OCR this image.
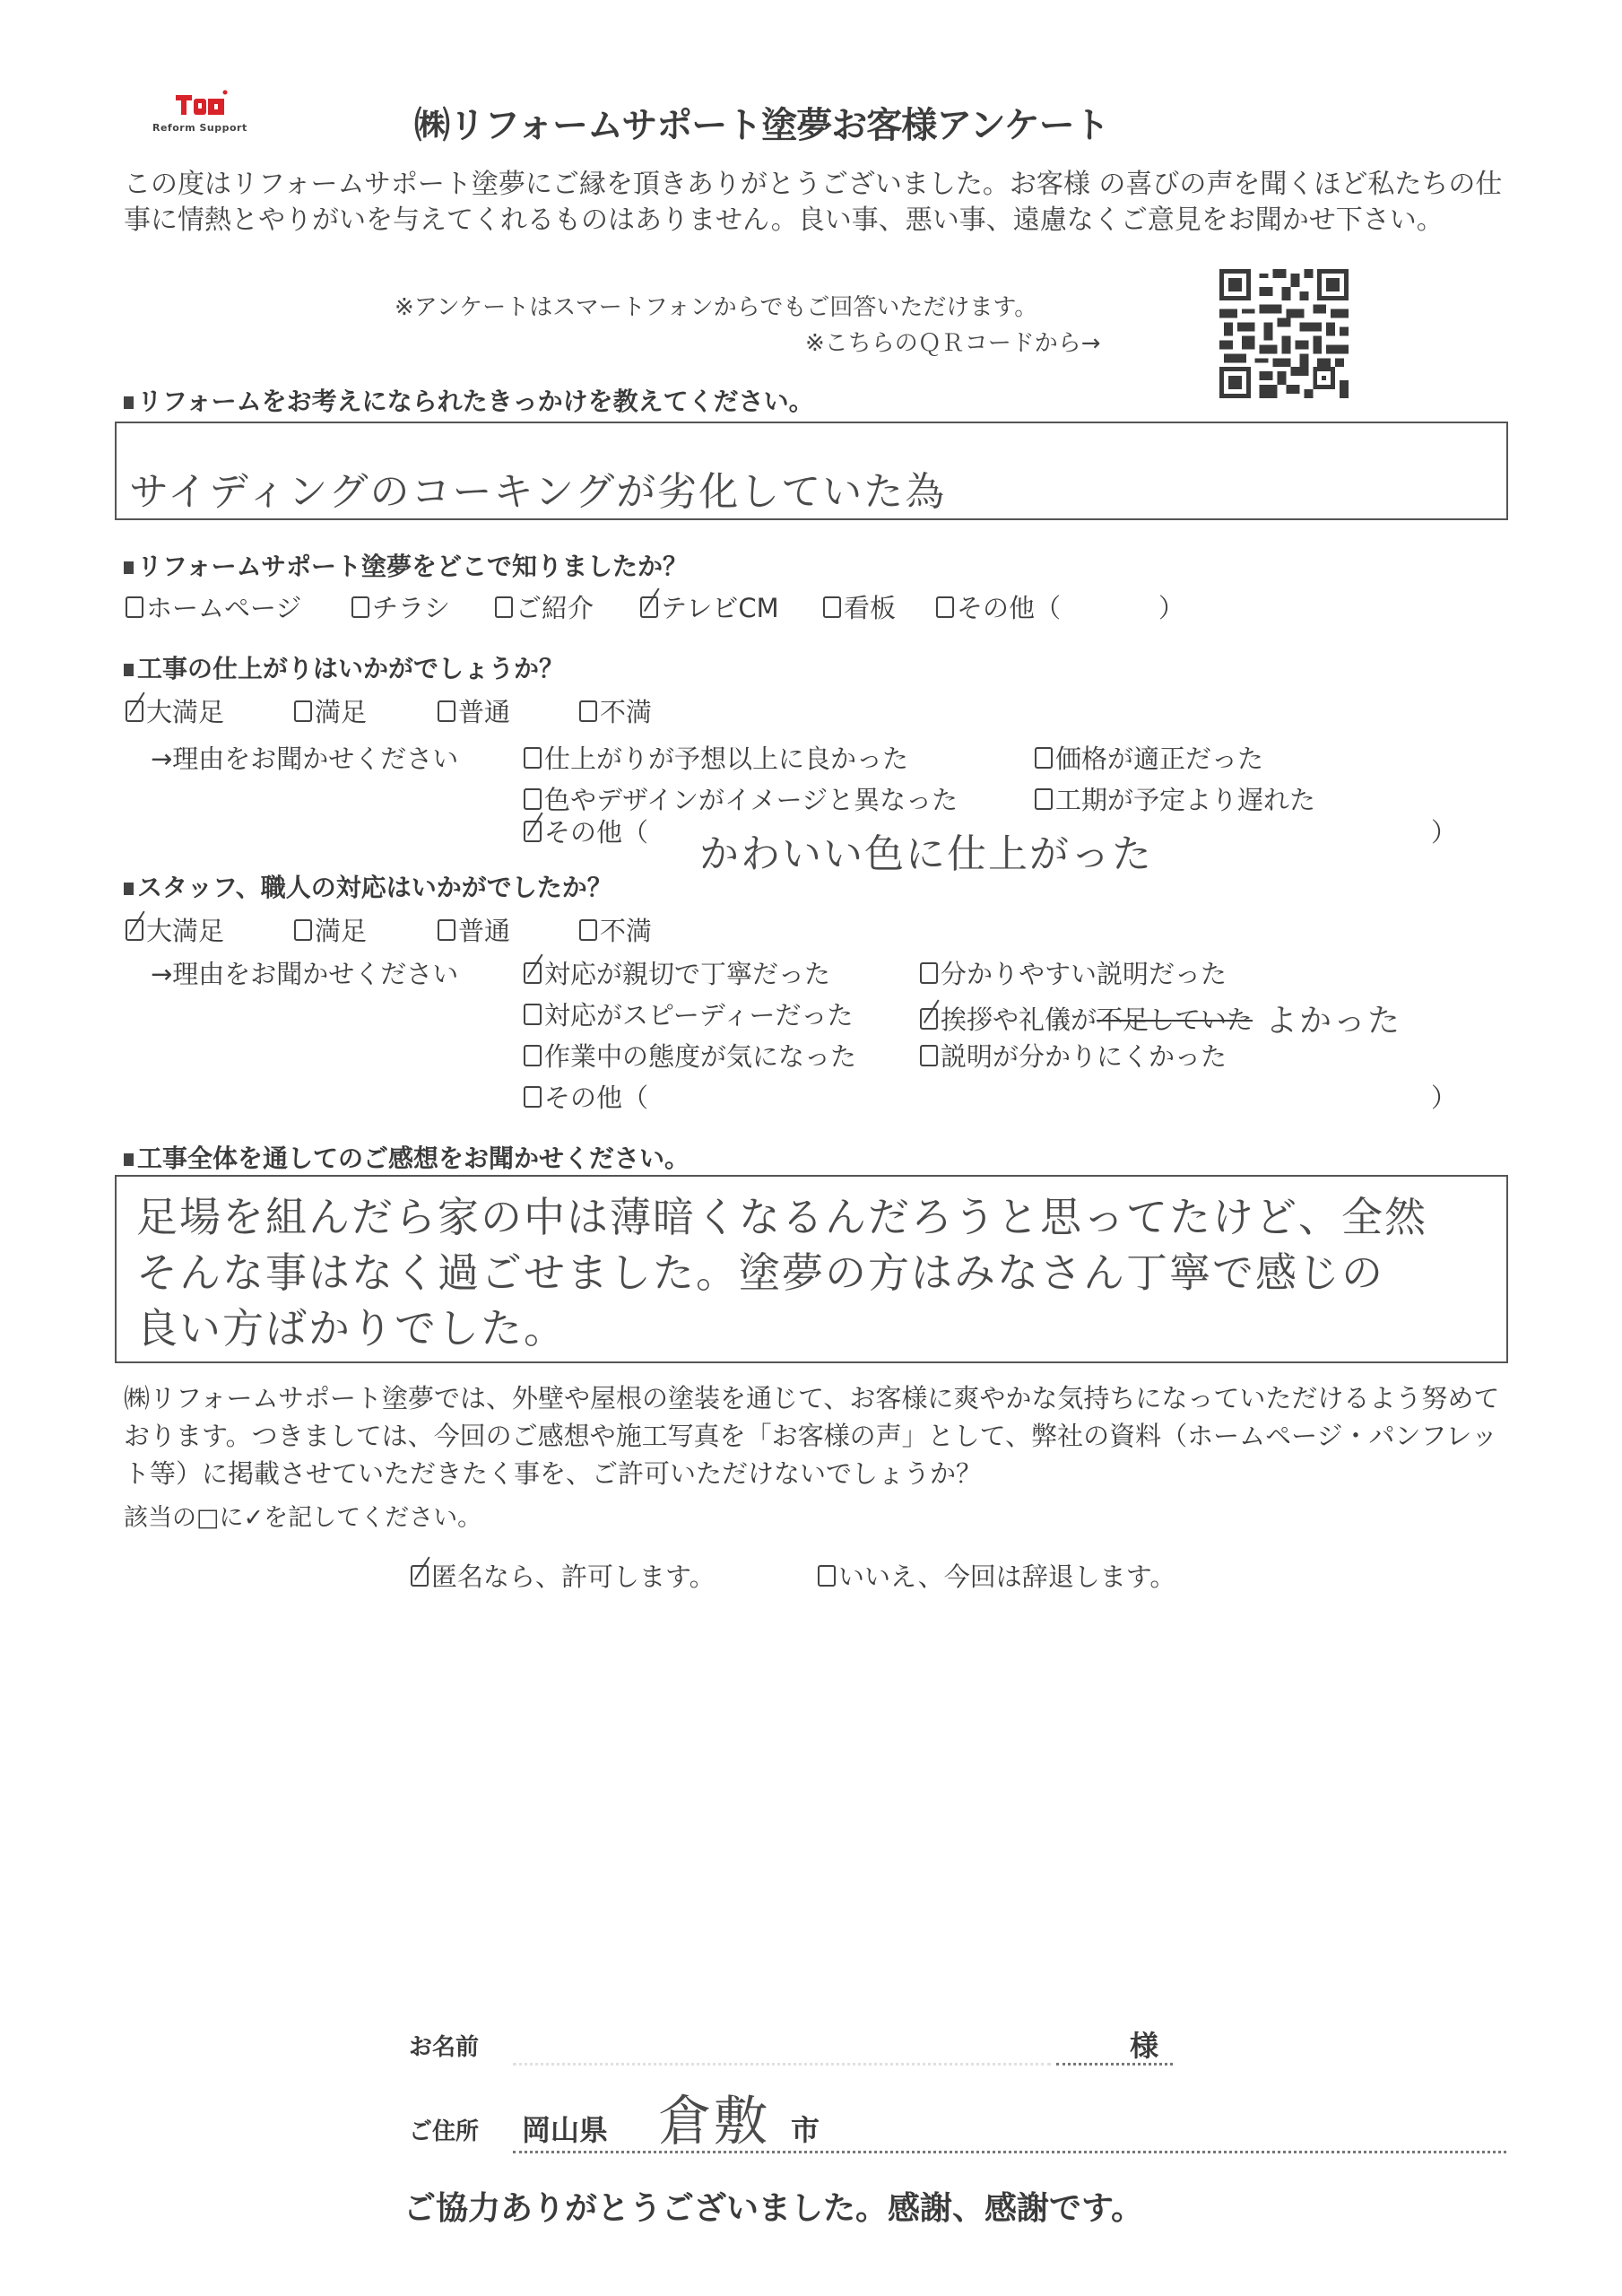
Reform Support	㈱リフォームサポート塗夢お客様アンケート
この度はリフォームサポート塗夢にご縁を頂きありがとうございました。お客様 の喜びの声を聞くほど私たちの仕事に情熱とやりがいを与えてくれるものはありません。良い事、悪い事、遠慮なくご意見をお聞かせ下さい。
※アンケートはスマートフォンからでもご回答いただけます。
※こちらのＱＲコードから→
リフォームをお考えになられたきっかけを教えてください。
サイディングのコーキングが劣化していた為
リフォームサポート塗夢をどこで知りましたか？
ホームページ	チラシ	ご紹介	テレビCM 看板 その他（	）
工事の仕上がりはいかがでしょうか？
大満足	満足	普通	不満
→理由をお聞かせください	仕上がりが予想以上に良かった	価格が適正だった
色やデザインがイメージと異なった	工期が予定より遅れた
その他（ かわいい色に仕上がった	）
スタッフ、職人の対応はいかがでしたか？
大満足	満足	普通	不満
→理由をお聞かせください	対応が親切で丁寧だった	分かりやすい説明だった
対応がスピーディーだった	挨拶や礼儀が 不足していた よかった
作業中の態度が気になった	説明が分かりにくかった
その他（	）
工事全体を通してのご感想をお聞かせください。
足場を組んだら家の中は薄暗くなるんだろうと思ってたけど、全然
そんな事はなく過ごせました。塗夢の方はみなさん丁寧で感じの
良い方ばかりでした。
㈱リフォームサポート塗夢では、外壁や屋根の塗装を通じて、お客様に爽やかな気持ちになっていただけるよう努めております。つきましては、今回のご感想や施工写真を「お客様の声」として、弊社の資料（ホームページ・パンフレット等）に掲載させていただきたく事を、ご許可いただけないでしょうか？
該当の□に✓を記してください。
匿名なら、許可します。	いいえ、今回は辞退します。
お名前	様
ご住所 岡山県 倉敷 市
ご協力ありがとうございました。感謝、感謝です。
